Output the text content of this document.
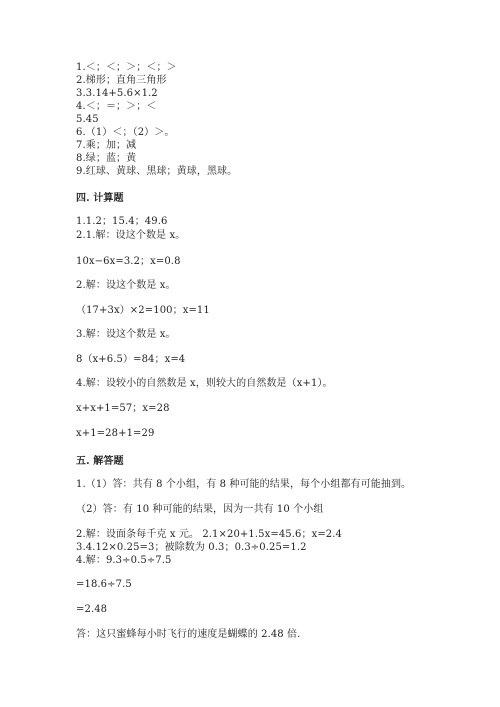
1.＜；＜；＞；＜；＞

2.梯形；直角三角形

3.3.14+5.6×1.2

4.＜；＝；＞；＜

5.45

6.（1）＜；（2）＞。

7.乘；加；减

8.绿；蓝；黄

9.红球、黄球、黑球；黄球，黑球。

四. 计算题

1.1.2；15.4；49.6

2.1.解：设这个数是 x。

10x−6x=3.2；x=0.8

2.解：设这个数是 x。

（17+3x）×2=100；x=11

3.解：设这个数是 x。

8（x+6.5）=84；x=4

4.解：设较小的自然数是 x，则较大的自然数是（x+1）。

x+x+1=57；x=28

x+1=28+1=29

五. 解答题

1.（1）答：共有 8 个小组，有 8 种可能的结果，每个小组都有可能抽到。

（2）答：有 10 种可能的结果，因为一共有 10 个小组

2.解：设面条每千克 x 元。 2.1×20+1.5x=45.6；x=2.4

3.4.12×0.25=3；被除数为 0.3；0.3÷0.25=1.2

4.解：9.3÷0.5÷7.5

=18.6÷7.5

=2.48

答：这只蜜蜂每小时飞行的速度是蝴蝶的 2.48 倍.
